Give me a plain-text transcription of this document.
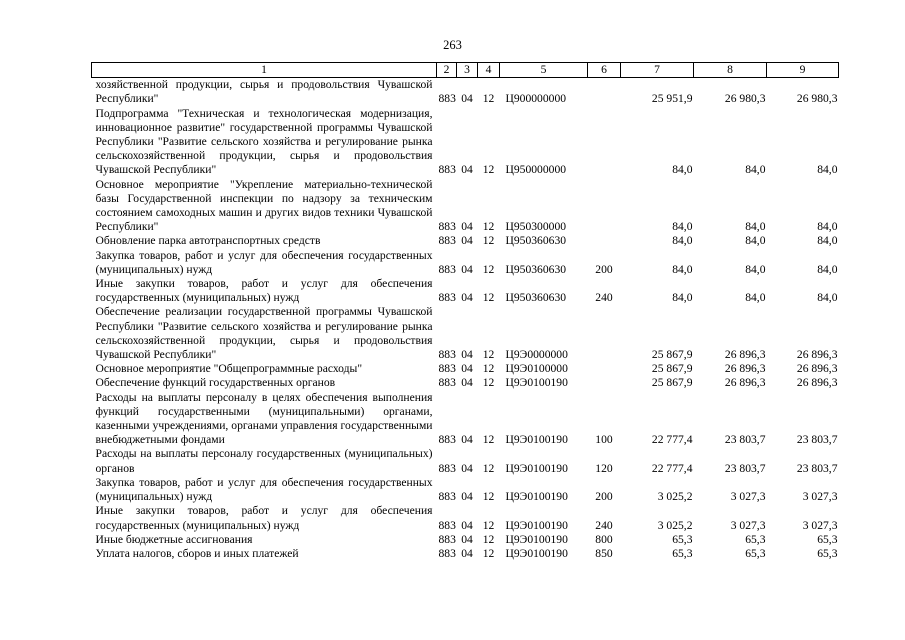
263
1	2	3	4	5	6	7	8	9
хозяйственной продукции, сырья и продовольствия Чувашской Республики"	883	04	12	Ц900000000		25 951,9	26 980,3	26 980,3
Подпрограмма "Техническая и технологическая модернизация, инновационное развитие" государственной программы Чувашской Республики "Развитие сельского хозяйства и регулирование рынка сельскохозяйственной продукции, сырья и продовольствия Чувашской Республики"	883	04	12	Ц950000000		84,0	84,0	84,0
Основное мероприятие "Укрепление материально-технической базы Государственной инспекции по надзору за техническим состоянием самоходных машин и других видов техники Чувашской Республики"	883	04	12	Ц950300000		84,0	84,0	84,0
Обновление парка автотранспортных средств	883	04	12	Ц950360630		84,0	84,0	84,0
Закупка товаров, работ и услуг для обеспечения государственных (муниципальных) нужд	883	04	12	Ц950360630	200	84,0	84,0	84,0
Иные закупки товаров, работ и услуг для обеспечения государственных (муниципальных) нужд	883	04	12	Ц950360630	240	84,0	84,0	84,0
Обеспечение реализации государственной программы Чувашской Республики "Развитие сельского хозяйства и регулирование рынка сельскохозяйственной продукции, сырья и продовольствия Чувашской Республики"	883	04	12	Ц9Э0000000		25 867,9	26 896,3	26 896,3
Основное мероприятие "Общепрограммные расходы"	883	04	12	Ц9Э0100000		25 867,9	26 896,3	26 896,3
Обеспечение функций государственных органов	883	04	12	Ц9Э0100190		25 867,9	26 896,3	26 896,3
Расходы на выплаты персоналу в целях обеспечения выполнения функций государственными (муниципальными) органами, казенными учреждениями, органами управления государственными внебюджетными фондами	883	04	12	Ц9Э0100190	100	22 777,4	23 803,7	23 803,7
Расходы на выплаты персоналу государственных (муниципальных) органов	883	04	12	Ц9Э0100190	120	22 777,4	23 803,7	23 803,7
Закупка товаров, работ и услуг для обеспечения государственных (муниципальных) нужд	883	04	12	Ц9Э0100190	200	3 025,2	3 027,3	3 027,3
Иные закупки товаров, работ и услуг для обеспечения государственных (муниципальных) нужд	883	04	12	Ц9Э0100190	240	3 025,2	3 027,3	3 027,3
Иные бюджетные ассигнования	883	04	12	Ц9Э0100190	800	65,3	65,3	65,3
Уплата налогов, сборов и иных платежей	883	04	12	Ц9Э0100190	850	65,3	65,3	65,3
